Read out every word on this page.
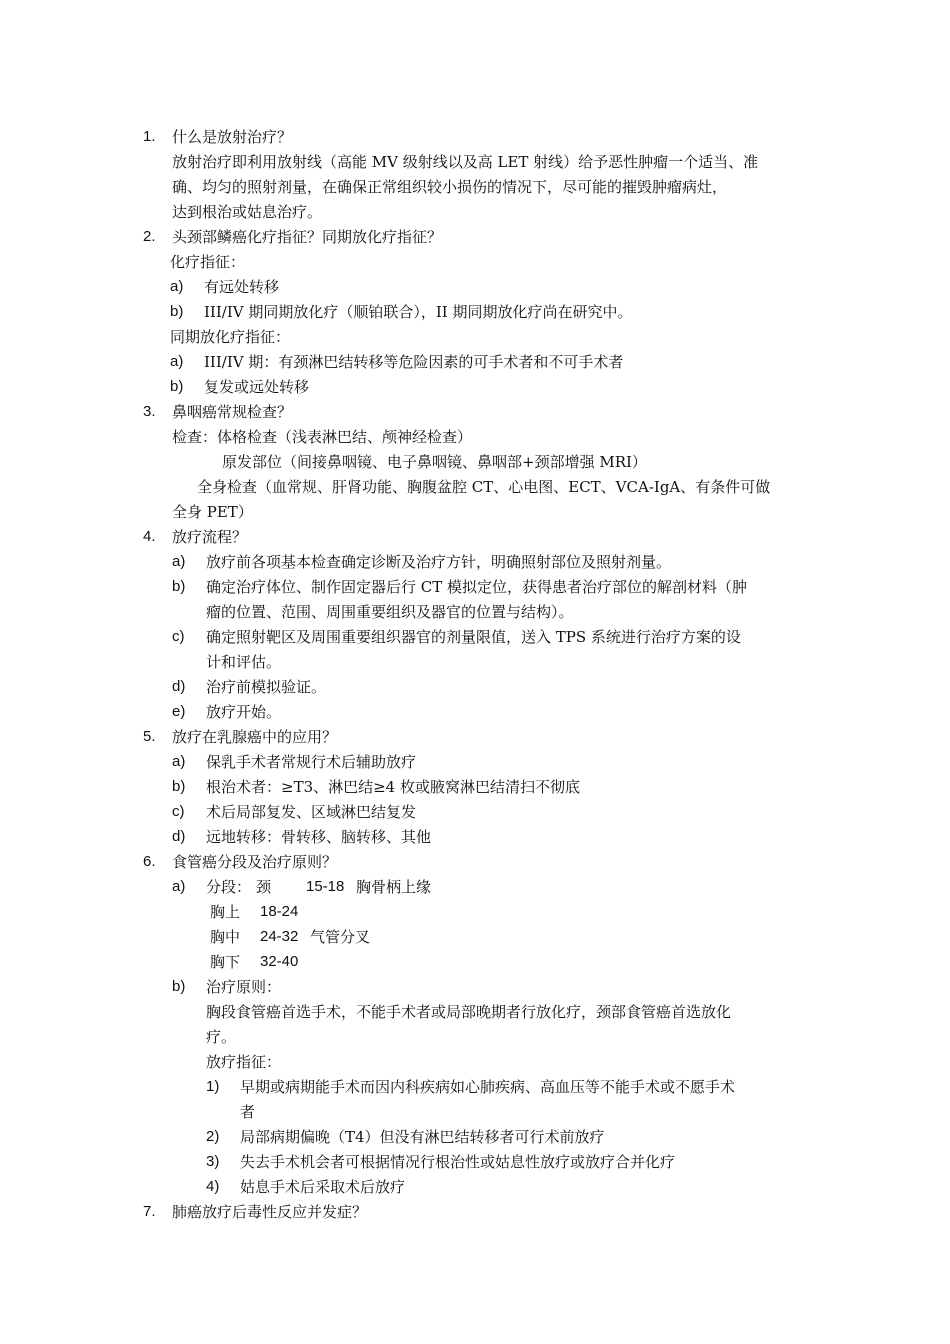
1. 什么是放射治疗？
放射治疗即利用放射线（高能 MV 级射线以及高 LET 射线）给予恶性肿瘤一个适当、准
确、均匀的照射剂量，在确保正常组织较小损伤的情况下，尽可能的摧毁肿瘤病灶，
达到根治或姑息治疗。
2. 头颈部鳞癌化疗指征？同期放化疗指征？
化疗指征：
a) 有远处转移
b) III/IV 期同期放化疗（顺铂联合），II 期同期放化疗尚在研究中。
同期放化疗指征：
a) III/IV 期：有颈淋巴结转移等危险因素的可手术者和不可手术者
b) 复发或远处转移
3. 鼻咽癌常规检查？
检查：体格检查（浅表淋巴结、颅神经检查）
原发部位（间接鼻咽镜、电子鼻咽镜、鼻咽部+颈部增强 MRI）
全身检查（血常规、肝肾功能、胸腹盆腔 CT、心电图、ECT、VCA-IgA、有条件可做
全身 PET）
4. 放疗流程？
a) 放疗前各项基本检查确定诊断及治疗方针，明确照射部位及照射剂量。
b) 确定治疗体位、制作固定器后行 CT 模拟定位，获得患者治疗部位的解剖材料（肿
瘤的位置、范围、周围重要组织及器官的位置与结构）。
c) 确定照射靶区及周围重要组织器官的剂量限值，送入 TPS 系统进行治疗方案的设
计和评估。
d) 治疗前模拟验证。
e) 放疗开始。
5. 放疗在乳腺癌中的应用？
a) 保乳手术者常规行术后辅助放疗
b) 根治术者：≥T3、淋巴结≥4 枚或腋窝淋巴结清扫不彻底
c) 术后局部复发、区域淋巴结复发
d) 远地转移：骨转移、脑转移、其他
6. 食管癌分段及治疗原则？
a) 分段： 颈 15-18 胸骨柄上缘
胸上 18-24
胸中 24-32 气管分叉
胸下 32-40
b) 治疗原则：
胸段食管癌首选手术，不能手术者或局部晚期者行放化疗，颈部食管癌首选放化
疗。
放疗指征：
1) 早期或病期能手术而因内科疾病如心肺疾病、高血压等不能手术或不愿手术
者
2) 局部病期偏晚（T4）但没有淋巴结转移者可行术前放疗
3) 失去手术机会者可根据情况行根治性或姑息性放疗或放疗合并化疗
4) 姑息手术后采取术后放疗
7. 肺癌放疗后毒性反应并发症？
